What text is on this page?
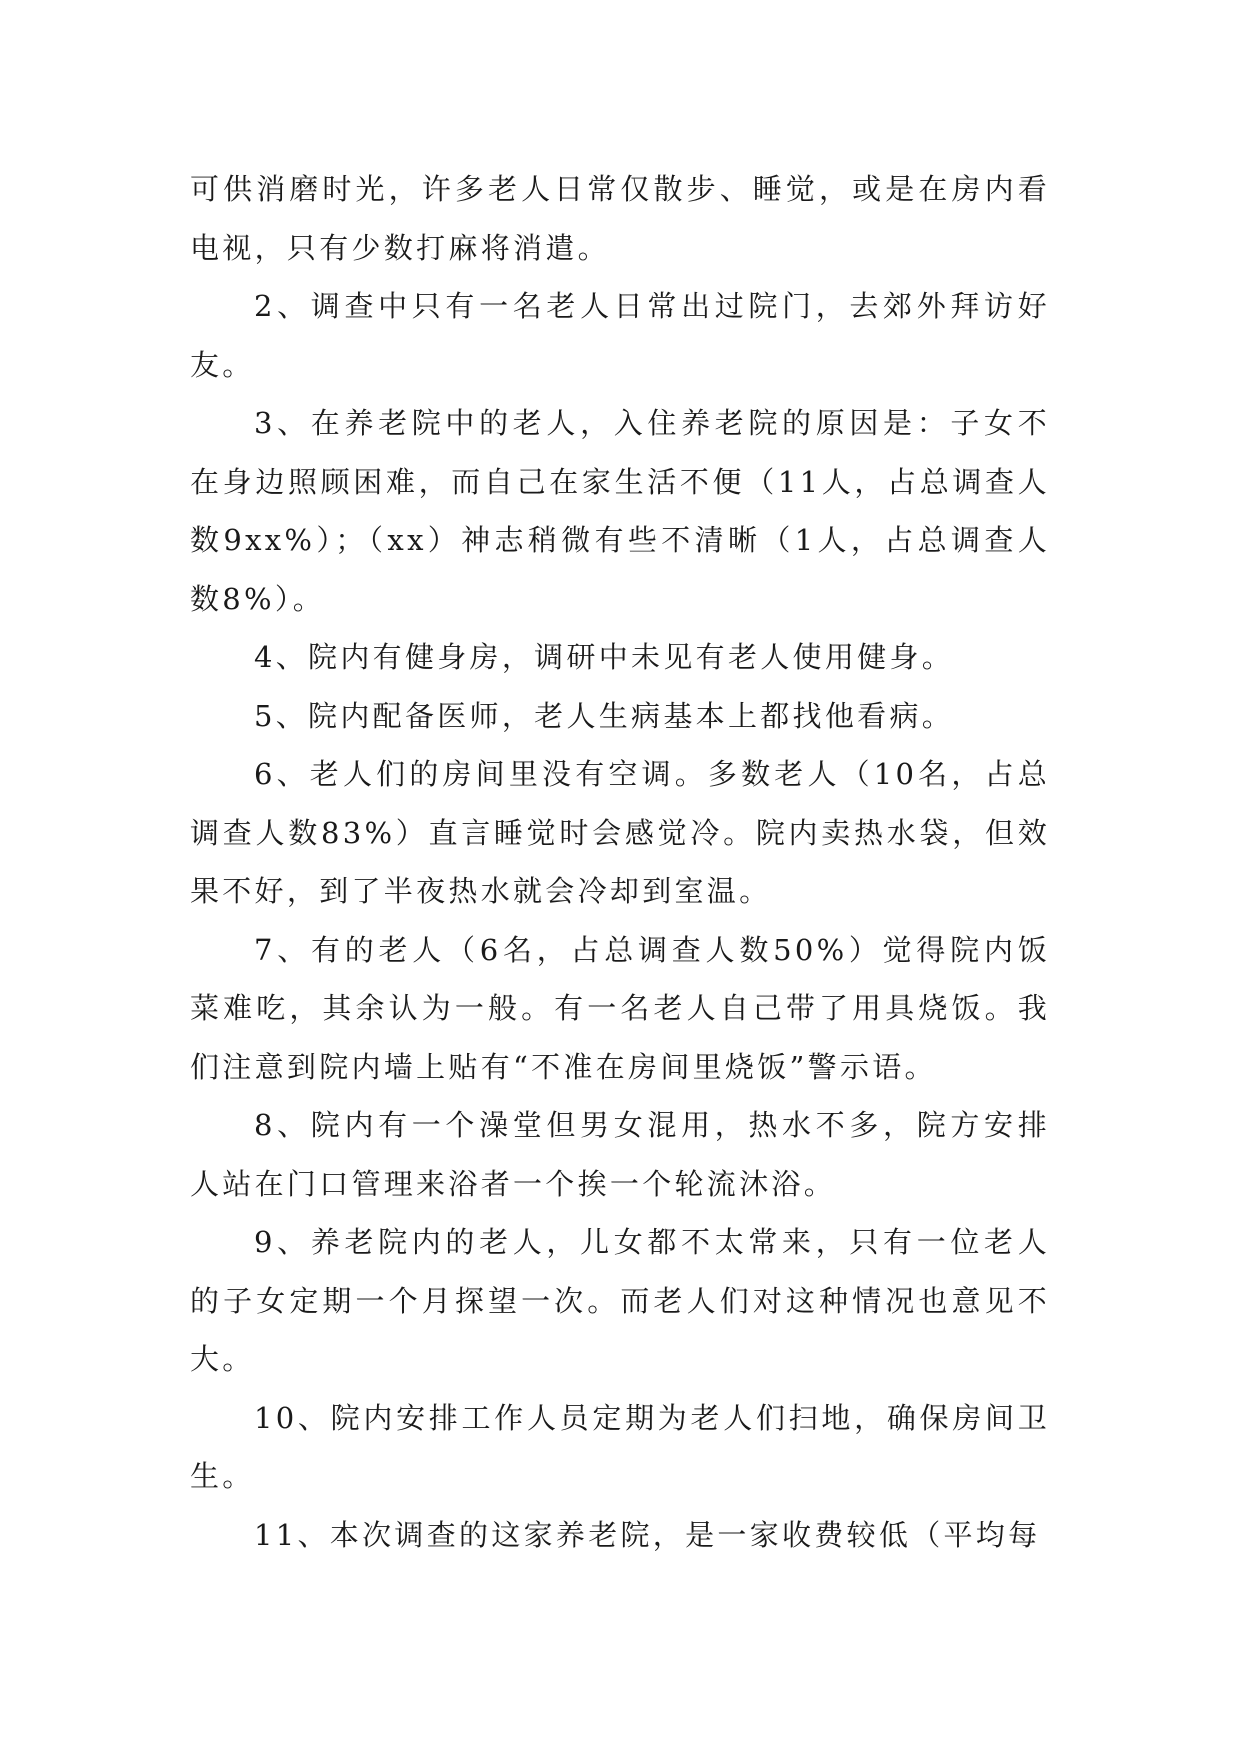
可供消磨时光，许多老人日常仅散步、睡觉，或是在房内看电视，只有少数打麻将消遣。

2、调查中只有一名老人日常出过院门，去郊外拜访好友。

3、在养老院中的老人，入住养老院的原因是：子女不在身边照顾困难，而自己在家生活不便（11人，占总调查人数9xx%）；（xx）神志稍微有些不清晰（1人，占总调查人数8%）。

4、院内有健身房，调研中未见有老人使用健身。

5、院内配备医师，老人生病基本上都找他看病。

6、老人们的房间里没有空调。多数老人（10名，占总调查人数83%）直言睡觉时会感觉冷。院内卖热水袋，但效果不好，到了半夜热水就会冷却到室温。

7、有的老人（6名，占总调查人数50%）觉得院内饭菜难吃，其余认为一般。有一名老人自己带了用具烧饭。我们注意到院内墙上贴有“不准在房间里烧饭”警示语。

8、院内有一个澡堂但男女混用，热水不多，院方安排人站在门口管理来浴者一个挨一个轮流沐浴。

9、养老院内的老人，儿女都不太常来，只有一位老人的子女定期一个月探望一次。而老人们对这种情况也意见不大。

10、院内安排工作人员定期为老人们扫地，确保房间卫生。

11、本次调查的这家养老院，是一家收费较低（平均每
